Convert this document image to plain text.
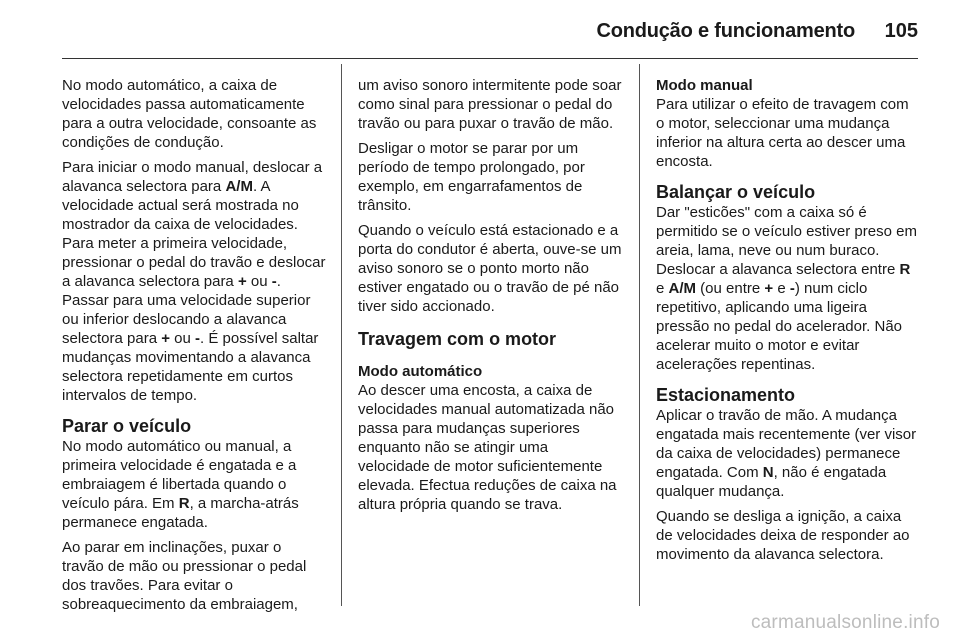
Condução e funcionamento	105

No modo automático, a caixa de velocidades passa automaticamente para a outra velocidade, consoante as condições de condução.

Para iniciar o modo manual, deslocar a alavanca selectora para A/M. A velocidade actual será mostrada no mostrador da caixa de velocidades. Para meter a primeira velocidade, pressionar o pedal do travão e deslocar a alavanca selectora para + ou -. Passar para uma velocidade superior ou inferior deslocando a alavanca selectora para + ou -. É possível saltar mudanças movimentando a alavanca selectora repetidamente em curtos intervalos de tempo.

Parar o veículo

No modo automático ou manual, a primeira velocidade é engatada e a embraiagem é libertada quando o veículo pára. Em R, a marcha-atrás permanece engatada.

Ao parar em inclinações, puxar o travão de mão ou pressionar o pedal dos travões. Para evitar o sobreaquecimento da embraiagem,

um aviso sonoro intermitente pode soar como sinal para pressionar o pedal do travão ou para puxar o travão de mão.

Desligar o motor se parar por um período de tempo prolongado, por exemplo, em engarrafamentos de trânsito.

Quando o veículo está estacionado e a porta do condutor é aberta, ouve-se um aviso sonoro se o ponto morto não estiver engatado ou o travão de pé não tiver sido accionado.

Travagem com o motor
Modo automático

Ao descer uma encosta, a caixa de velocidades manual automatizada não passa para mudanças superiores enquanto não se atingir uma velocidade de motor suficientemente elevada. Efectua reduções de caixa na altura própria quando se trava.

Modo manual

Para utilizar o efeito de travagem com o motor, seleccionar uma mudança inferior na altura certa ao descer uma encosta.

Balançar o veículo

Dar "esticões" com a caixa só é permitido se o veículo estiver preso em areia, lama, neve ou num buraco. Deslocar a alavanca selectora entre R e A/M (ou entre + e -) num ciclo repetitivo, aplicando uma ligeira pressão no pedal do acelerador. Não acelerar muito o motor e evitar acelerações repentinas.

Estacionamento

Aplicar o travão de mão. A mudança engatada mais recentemente (ver visor da caixa de velocidades) permanece engatada. Com N, não é engatada qualquer mudança.

Quando se desliga a ignição, a caixa de velocidades deixa de responder ao movimento da alavanca selectora.

carmanualsonline.info
